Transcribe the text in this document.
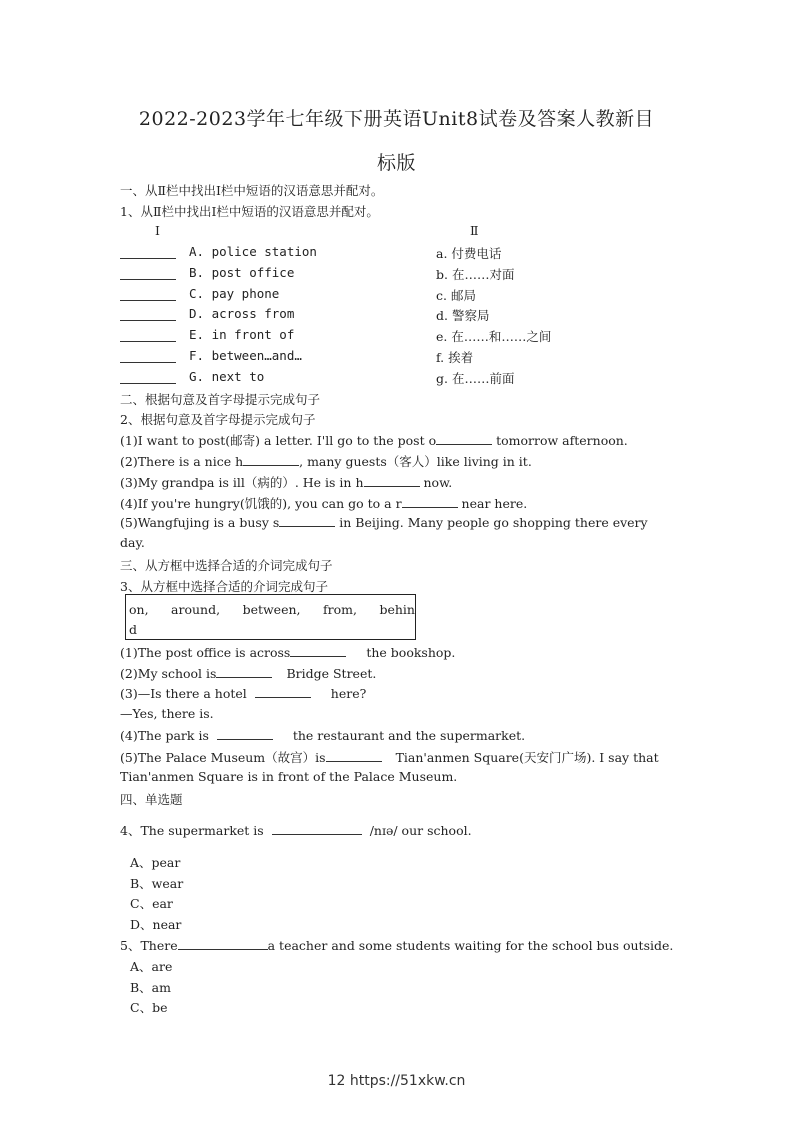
2022-2023学年七年级下册英语Unit8试卷及答案人教新目
标版
一、从Ⅱ栏中找出Ⅰ栏中短语的汉语意思并配对。
1、从Ⅱ栏中找出Ⅰ栏中短语的汉语意思并配对。
Ⅰ	Ⅱ
A. police station	a. 付费电话
B. post office	b. 在……对面
C. pay phone	c. 邮局
D. across from	d. 警察局
E. in front of	e. 在……和……之间
F. between…and…	f. 挨着
G. next to	g. 在……前面
二、根据句意及首字母提示完成句子
2、根据句意及首字母提示完成句子
(1)I want to post(邮寄) a letter. I'll go to the post o	tomorrow afternoon.
(2)There is a nice h	, many guests（客人）like living in it.
(3)My grandpa is ill（病的）. He is in h	now.
(4)If you're hungry(饥饿的), you can go to a r	near here.
(5)Wangfujing is a busy s	in Beijing. Many people go shopping there every
day.
三、从方框中选择合适的介词完成句子
3、从方框中选择合适的介词完成句子
on, around, between, from, behin
d
(1)The post office is across	the bookshop.
(2)My school is	Bridge Street.
(3)—Is there a hotel	here?
—Yes, there is.
(4)The park is	the restaurant and the supermarket.
(5)The Palace Museum（故宫）is	Tian'anmen Square(天安门广场). I say that
Tian'anmen Square is in front of the Palace Museum.
四、单选题
4、The supermarket is	/nɪə/ our school.
A、pear
B、wear
C、ear
D、near
5、There	a teacher and some students waiting for the school bus outside.
A、are
B、am
C、be
12 https://51xkw.cn
